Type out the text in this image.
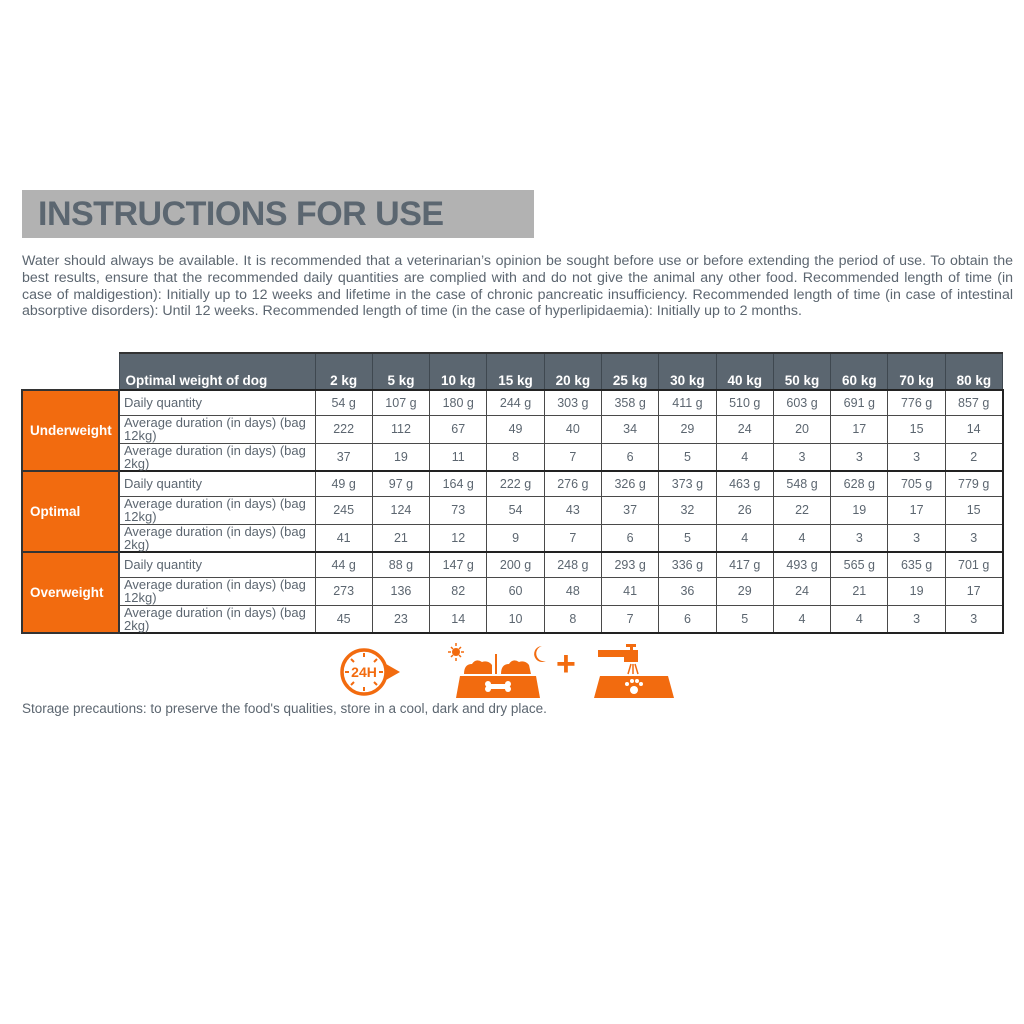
INSTRUCTIONS FOR USE

Water should always be available. It is recommended that a veterinarian’s opinion be sought before use or before extending the period of use. To obtain the best results, ensure that the recommended daily quantities are complied with and do not give the animal any other food. Recommended length of time (in case of maldigestion): Initially up to 12 weeks and lifetime in the case of chronic pancreatic insufficiency. Recommended length of time (in case of intestinal absorptive disorders): Until 12 weeks. Recommended length of time (in the case of hyperlipidaemia): Initially up to 2 months.

	Optimal weight of dog	2 kg	5 kg	10 kg	15 kg	20 kg	25 kg	30 kg	40 kg	50 kg	60 kg	70 kg	80 kg
Underweight	Daily quantity	54 g	107 g	180 g	244 g	303 g	358 g	411 g	510 g	603 g	691 g	776 g	857 g
	Average duration (in days) (bag 12kg)	222	112	67	49	40	34	29	24	20	17	15	14
	Average duration (in days) (bag 2kg)	37	19	11	8	7	6	5	4	3	3	3	2
Optimal	Daily quantity	49 g	97 g	164 g	222 g	276 g	326 g	373 g	463 g	548 g	628 g	705 g	779 g
	Average duration (in days) (bag 12kg)	245	124	73	54	43	37	32	26	22	19	17	15
	Average duration (in days) (bag 2kg)	41	21	12	9	7	6	5	4	4	3	3	3
Overweight	Daily quantity	44 g	88 g	147 g	200 g	248 g	293 g	336 g	417 g	493 g	565 g	635 g	701 g
	Average duration (in days) (bag 12kg)	273	136	82	60	48	41	36	29	24	21	19	17
	Average duration (in days) (bag 2kg)	45	23	14	10	8	7	6	5	4	4	3	3
24H	+

Storage precautions: to preserve the food's qualities, store in a cool, dark and dry place.
